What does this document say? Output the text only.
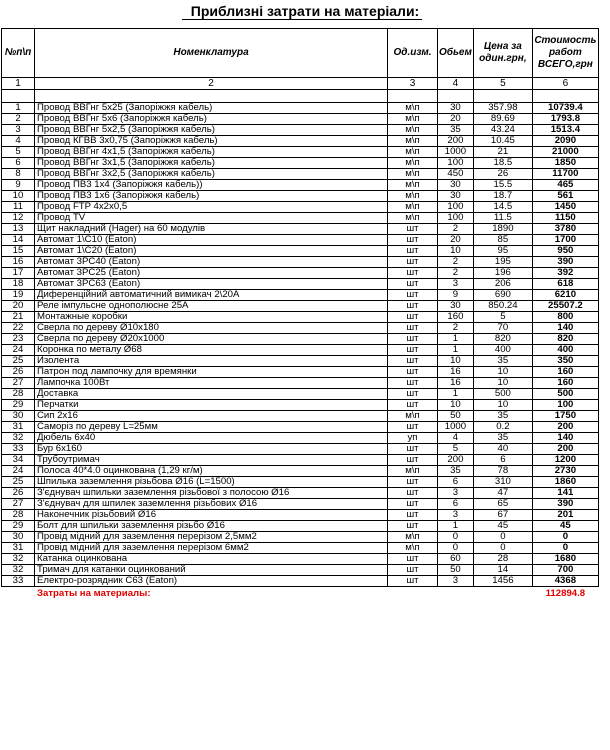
Приблизні затрати на матеріали:
№п\п	Номенклатура	Од.изм.	Обьем	Цена за один.грн,	Стоимость работ ВСЕГО,грн
1	2	3	4	5	6

1	Провод ВВГнг 5х25 (Запоріжжя кабель)	м\п	30	357.98	10739.4
2	Провод ВВГнг 5х6 (Запоріжжя кабель)	м\п	20	89.69	1793.8
3	Провод ВВГнг 5х2,5 (Запоріжжя кабель)	м\п	35	43.24	1513.4
4	Провод КГВВ 3х0,75 (Запоріжжя кабель)	м\п	200	10.45	2090
5	Провод ВВГнг 4х1,5 (Запоріжжя кабель)	м\п	1000	21	21000
6	Провод ВВГнг 3х1,5 (Запоріжжя кабель)	м\п	100	18.5	1850
8	Провод ВВГнг 3х2,5 (Запоріжжя кабель)	м\п	450	26	11700
9	Провод ПВ3 1х4 (Запоріжжя кабель))	м\п	30	15.5	465
10	Провод ПВ3 1х6 (Запоріжжя кабель)	м\п	30	18.7	561
11	Провод FTP 4х2х0,5	м\п	100	14.5	1450
12	Провод TV	м\п	100	11.5	1150
13	Щит накладний (Hager) на 60 модулів	шт	2	1890	3780
14	Автомат 1\C10 (Eaton)	шт	20	85	1700
15	Автомат 1\C20 (Eaton)	шт	10	95	950
16	Автомат 3PC40 (Eaton)	шт	2	195	390
17	Автомат 3PC25 (Eaton)	шт	2	196	392
18	Автомат 3PC63 (Eaton)	шт	3	206	618
19	Диференційний автоматичний вимикач 2\20А	шт	9	690	6210
20	Реле імпульсне однополюсне 25А	шт	30	850.24	25507.2
21	Монтажные коробки	шт	160	5	800
22	Сверла по дереву Ø10х180	шт	2	70	140
23	Сверла по дереву Ø20х1000	шт	1	820	820
24	Коронка по металу Ø68	шт	1	400	400
25	Изолента	шт	10	35	350
26	Патрон под лампочку для времянки	шт	16	10	160
27	Лампочка 100Вт	шт	16	10	160
28	Доставка	шт	1	500	500
29	Перчатки	шт	10	10	100
30	Сип 2х16	м\п	50	35	1750
31	Саморіз по дереву L=25мм	шт	1000	0.2	200
32	Дюбель 6х40	уп	4	35	140
33	Бур 6х160	шт	5	40	200
34	Трубоутримач	шт	200	6	1200
24	Полоса 40*4.0 оцинкована (1,29 кг/м)	м\п	35	78	2730
25	Шпилька заземлення різьбова Ø16 (L=1500)	шт	6	310	1860
26	З'єднувач шпильки заземлення різьбової з полосою Ø16	шт	3	47	141
27	З'єднувач для шпилек заземлення різьбових Ø16	шт	6	65	390
28	Наконечник різьбовий Ø16	шт	3	67	201
29	Болт для шпильки заземлення різьбо Ø16	шт	1	45	45
30	Провід мідний для заземлення перерізом 2,5мм2	м\п	0	0	0
31	Провід мідний для заземлення перерізом 6мм2	м\п	0	0	0
32	Катанка оцинкована	шт	60	28	1680
32	Тримач для катанки оцинкований	шт	50	14	700
33	Електро-розрядник С63 (Eaton)	шт	3	1456	4368
	Затраты на материалы:				112894.8
